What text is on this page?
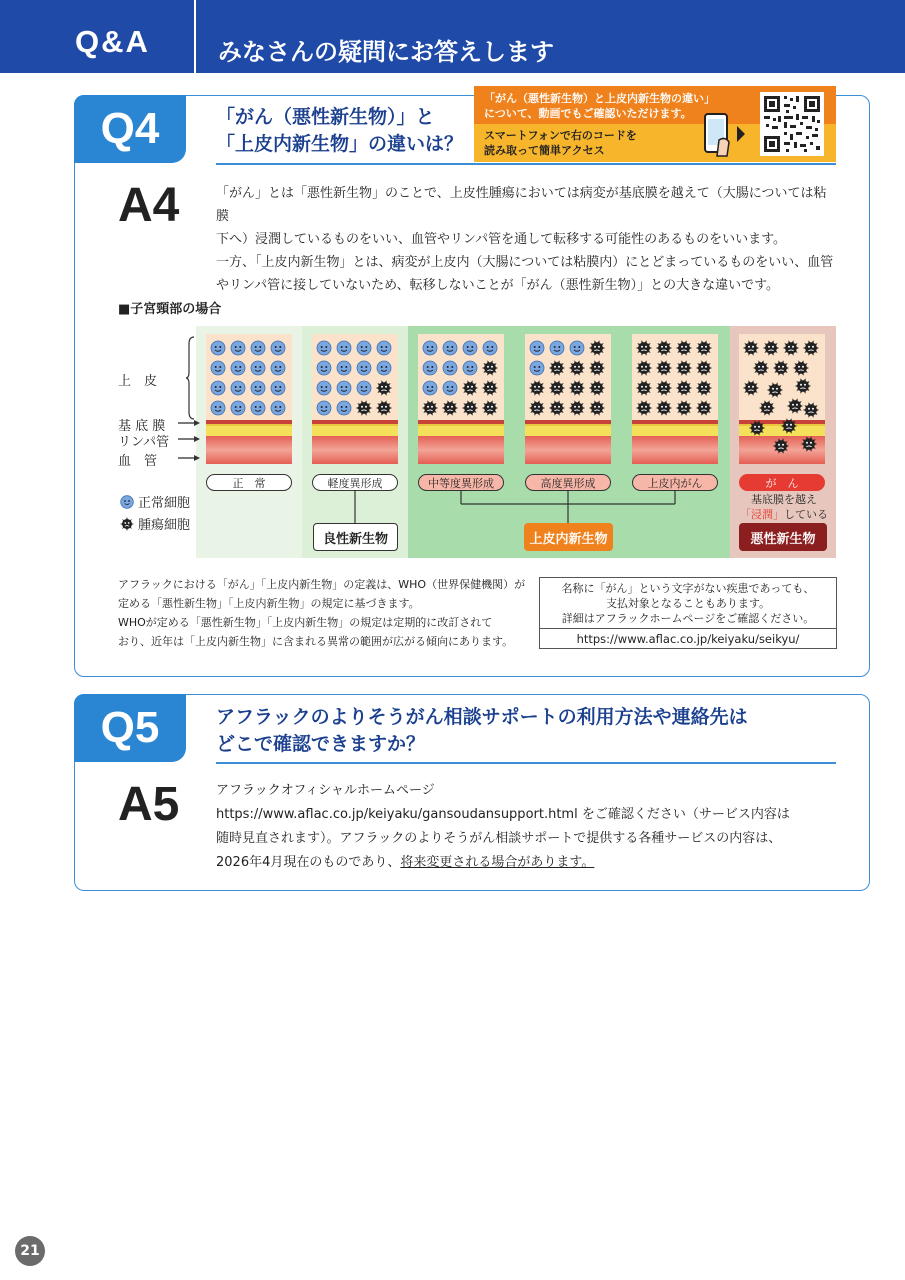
Q&A	みなさんの疑問にお答えします
Q4	「がん（悪性新生物）」と
「上皮内新生物」の違いは？
「がん（悪性新生物）と上皮内新生物の違い」
について、動画でもご確認いただけます。
スマートフォンで右のコードを
読み取って簡単アクセス
A4	「がん」とは「悪性新生物」のことで、上皮性腫瘍においては病変が基底膜を越えて（大腸については粘膜
下へ）浸潤しているものをいい、血管やリンパ管を通して転移する可能性のあるものをいいます。
一方、「上皮内新生物」とは、病変が上皮内（大腸については粘膜内）にとどまっているものをいい、血管
やリンパ管に接していないため、転移しないことが「がん（悪性新生物）」との大きな違いです。
■子宮頸部の場合
上　皮
基 底 膜
リンパ管
血　管
正　常	軽度異形成	中等度異形成	高度異形成	上皮内がん	が　ん
基底膜を越え
「浸潤」している
良性新生物	上皮内新生物	悪性新生物
正常細胞
腫瘍細胞
アフラックにおける「がん」「上皮内新生物」の定義は、WHO（世界保健機関）が
定める「悪性新生物」「上皮内新生物」の規定に基づきます。
WHOが定める「悪性新生物」「上皮内新生物」の規定は定期的に改訂されて
おり、近年は「上皮内新生物」に含まれる異常の範囲が広がる傾向にあります。
名称に「がん」という文字がない疾患であっても、
支払対象となることもあります。
詳細はアフラックホームページをご確認ください。
https://www.aflac.co.jp/keiyaku/seikyu/
Q5	アフラックのよりそうがん相談サポートの利用方法や連絡先は
どこで確認できますか？
A5	アフラックオフィシャルホームページ
https://www.aflac.co.jp/keiyaku/gansoudansupport.html をご確認ください（サービス内容は
随時見直されます）。アフラックのよりそうがん相談サポートで提供する各種サービスの内容は、
2026年4月現在のものであり、将来変更される場合があります。
21
